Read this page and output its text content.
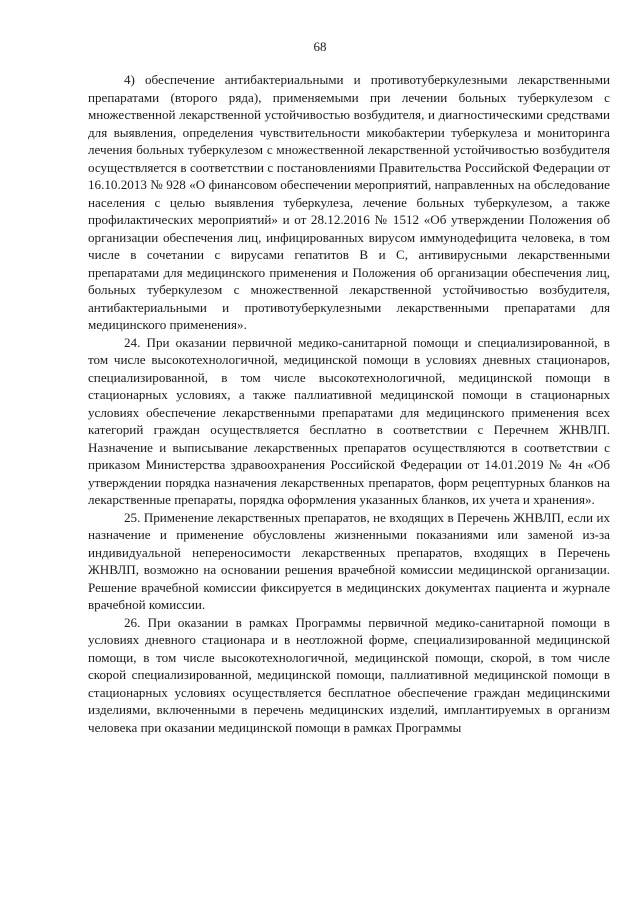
68

4) обеспечение антибактериальными и противотуберкулезными лекарственными препаратами (второго ряда), применяемыми при лечении больных туберкулезом с множественной лекарственной устойчивостью возбудителя, и диагностическими средствами для выявления, определения чувствительности микобактерии туберкулеза и мониторинга лечения больных туберкулезом с множественной лекарственной устойчивостью возбудителя осуществляется в соответствии с постановлениями Правительства Российской Федерации от 16.10.2013 № 928 «О финансовом обеспечении мероприятий, направленных на обследование населения с целью выявления туберкулеза, лечение больных туберкулезом, а также профилактических мероприятий» и от 28.12.2016 № 1512 «Об утверждении Положения об организации обеспечения лиц, инфицированных вирусом иммунодефицита человека, в том числе в сочетании с вирусами гепатитов B и C, антивирусными лекарственными препаратами для медицинского применения и Положения об организации обеспечения лиц, больных туберкулезом с множественной лекарственной устойчивостью возбудителя, антибактериальными и противотуберкулезными лекарственными препаратами для медицинского применения».

24. При оказании первичной медико-санитарной помощи и специализированной, в том числе высокотехнологичной, медицинской помощи в условиях дневных стационаров, специализированной, в том числе высокотехнологичной, медицинской помощи в стационарных условиях, а также паллиативной медицинской помощи в стационарных условиях обеспечение лекарственными препаратами для медицинского применения всех категорий граждан осуществляется бесплатно в соответствии с Перечнем ЖНВЛП. Назначение и выписывание лекарственных препаратов осуществляются в соответствии с приказом Министерства здравоохранения Российской Федерации от 14.01.2019 № 4н «Об утверждении порядка назначения лекарственных препаратов, форм рецептурных бланков на лекарственные препараты, порядка оформления указанных бланков, их учета и хранения».

25. Применение лекарственных препаратов, не входящих в Перечень ЖНВЛП, если их назначение и применение обусловлены жизненными показаниями или заменой из-за индивидуальной непереносимости лекарственных препаратов, входящих в Перечень ЖНВЛП, возможно на основании решения врачебной комиссии медицинской организации. Решение врачебной комиссии фиксируется в медицинских документах пациента и журнале врачебной комиссии.

26. При оказании в рамках Программы первичной медико-санитарной помощи в условиях дневного стационара и в неотложной форме, специализированной медицинской помощи, в том числе высокотехнологичной, медицинской помощи, скорой, в том числе скорой специализированной, медицинской помощи, паллиативной медицинской помощи в стационарных условиях осуществляется бесплатное обеспечение граждан медицинскими изделиями, включенными в перечень медицинских изделий, имплантируемых в организм человека при оказании медицинской помощи в рамках Программы
